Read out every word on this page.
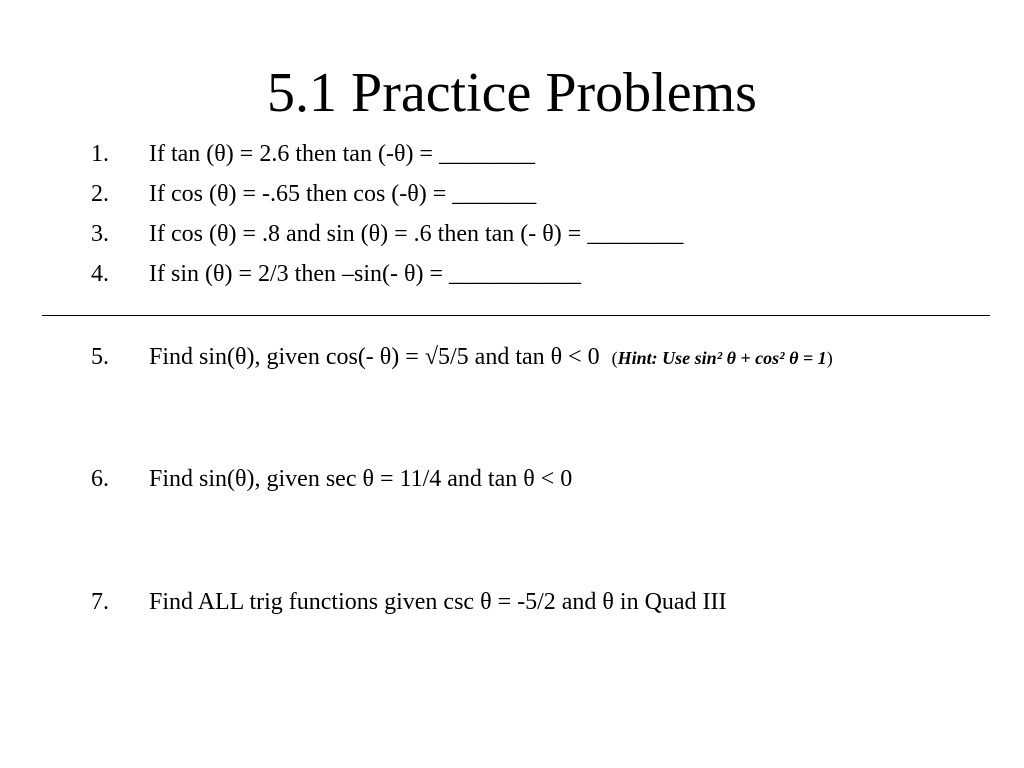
5.1 Practice Problems
1. If tan (θ) = 2.6 then tan (-θ) = ________
2. If cos (θ) = -.65 then cos (-θ) = _______
3. If cos (θ) = .8 and sin (θ) = .6 then tan (- θ) = ________
4. If sin (θ) = 2/3 then –sin(- θ) = ___________
5. Find sin(θ), given cos(- θ) = √5/5 and tan θ < 0 (Hint: Use sin² θ + cos² θ = 1)
6. Find sin(θ), given sec θ = 11/4 and tan θ < 0
7. Find ALL trig functions given csc θ = -5/2 and θ in Quad III
